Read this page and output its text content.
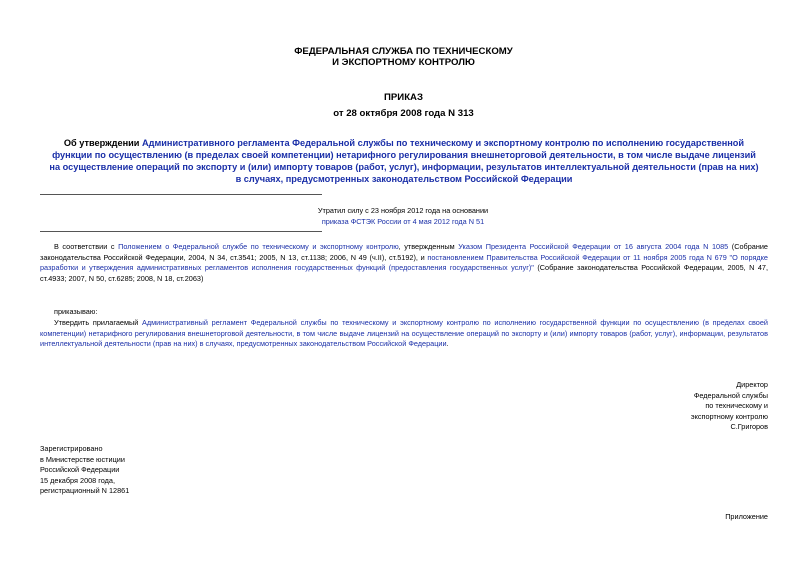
ФЕДЕРАЛЬНАЯ СЛУЖБА ПО ТЕХНИЧЕСКОМУ
И ЭКСПОРТНОМУ КОНТРОЛЮ
ПРИКАЗ
от 28 октября 2008 года N 313
Об утверждении Административного регламента Федеральной службы по техническому и экспортному контролю по исполнению государственной функции по осуществлению (в пределах своей компетенции) нетарифного регулирования внешнеторговой деятельности, в том числе выдаче лицензий на осуществление операций по экспорту и (или) импорту товаров (работ, услуг), информации, результатов интеллектуальной деятельности (прав на них) в случаях, предусмотренных законодательством Российской Федерации
Утратил силу с 23 ноября 2012 года на основании
приказа ФСТЭК России от 4 мая 2012 года N 51
В соответствии с Положением о Федеральной службе по техническому и экспортному контролю, утвержденным Указом Президента Российской Федерации от 16 августа 2004 года N 1085 (Собрание законодательства Российской Федерации, 2004, N 34, ст.3541; 2005, N 13, ст.1138; 2006, N 49 (ч.II), ст.5192), и постановлением Правительства Российской Федерации от 11 ноября 2005 года N 679 "О порядке разработки и утверждения административных регламентов исполнения государственных функций (предоставления государственных услуг)" (Собрание законодательства Российской Федерации, 2005, N 47, ст.4933; 2007, N 50, ст.6285; 2008, N 18, ст.2063)
приказываю:
Утвердить прилагаемый Административный регламент Федеральной службы по техническому и экспортному контролю по исполнению государственной функции по осуществлению (в пределах своей компетенции) нетарифного регулирования внешнеторговой деятельности, в том числе выдаче лицензий на осуществление операций по экспорту и (или) импорту товаров (работ, услуг), информации, результатов интеллектуальной деятельности (прав на них) в случаях, предусмотренных законодательством Российской Федерации.
Директор
Федеральной службы
по техническому и
экспортному контролю
С.Григоров
Зарегистрировано
в Министерстве юстиции
Российской Федерации
15 декабря 2008 года,
регистрационный N 12861
Приложение
